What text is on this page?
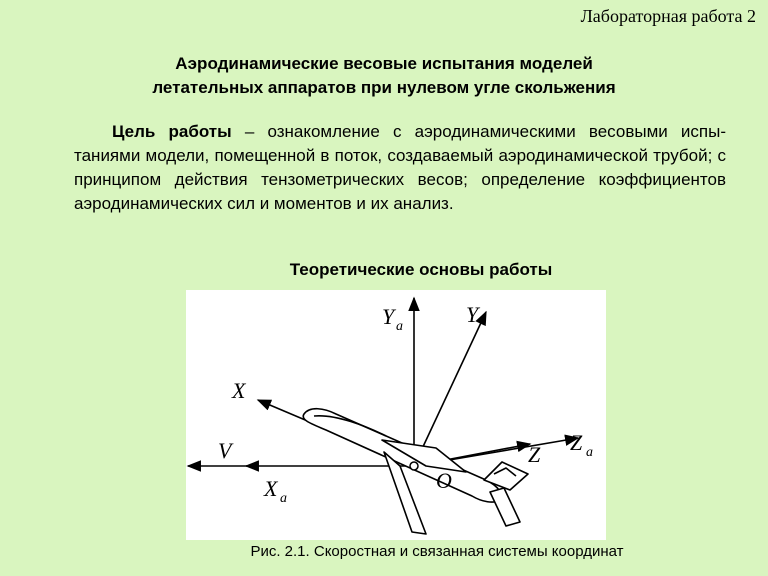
Лабораторная работа 2
Аэродинамические весовые испытания моделей
летательных аппаратов при нулевом угле скольжения
Цель работы – ознакомление с аэродинамическими весовыми испы-таниями модели, помещенной в поток, создаваемый аэродинамической трубой; с принципом действия тензометрических весов; определение коэффициентов аэродинамических сил и моментов и их анализ.
Теоретические основы работы
Y a	Y
X
V
X a
Z Z a
O
Рис. 2.1. Скоростная и связанная системы координат
